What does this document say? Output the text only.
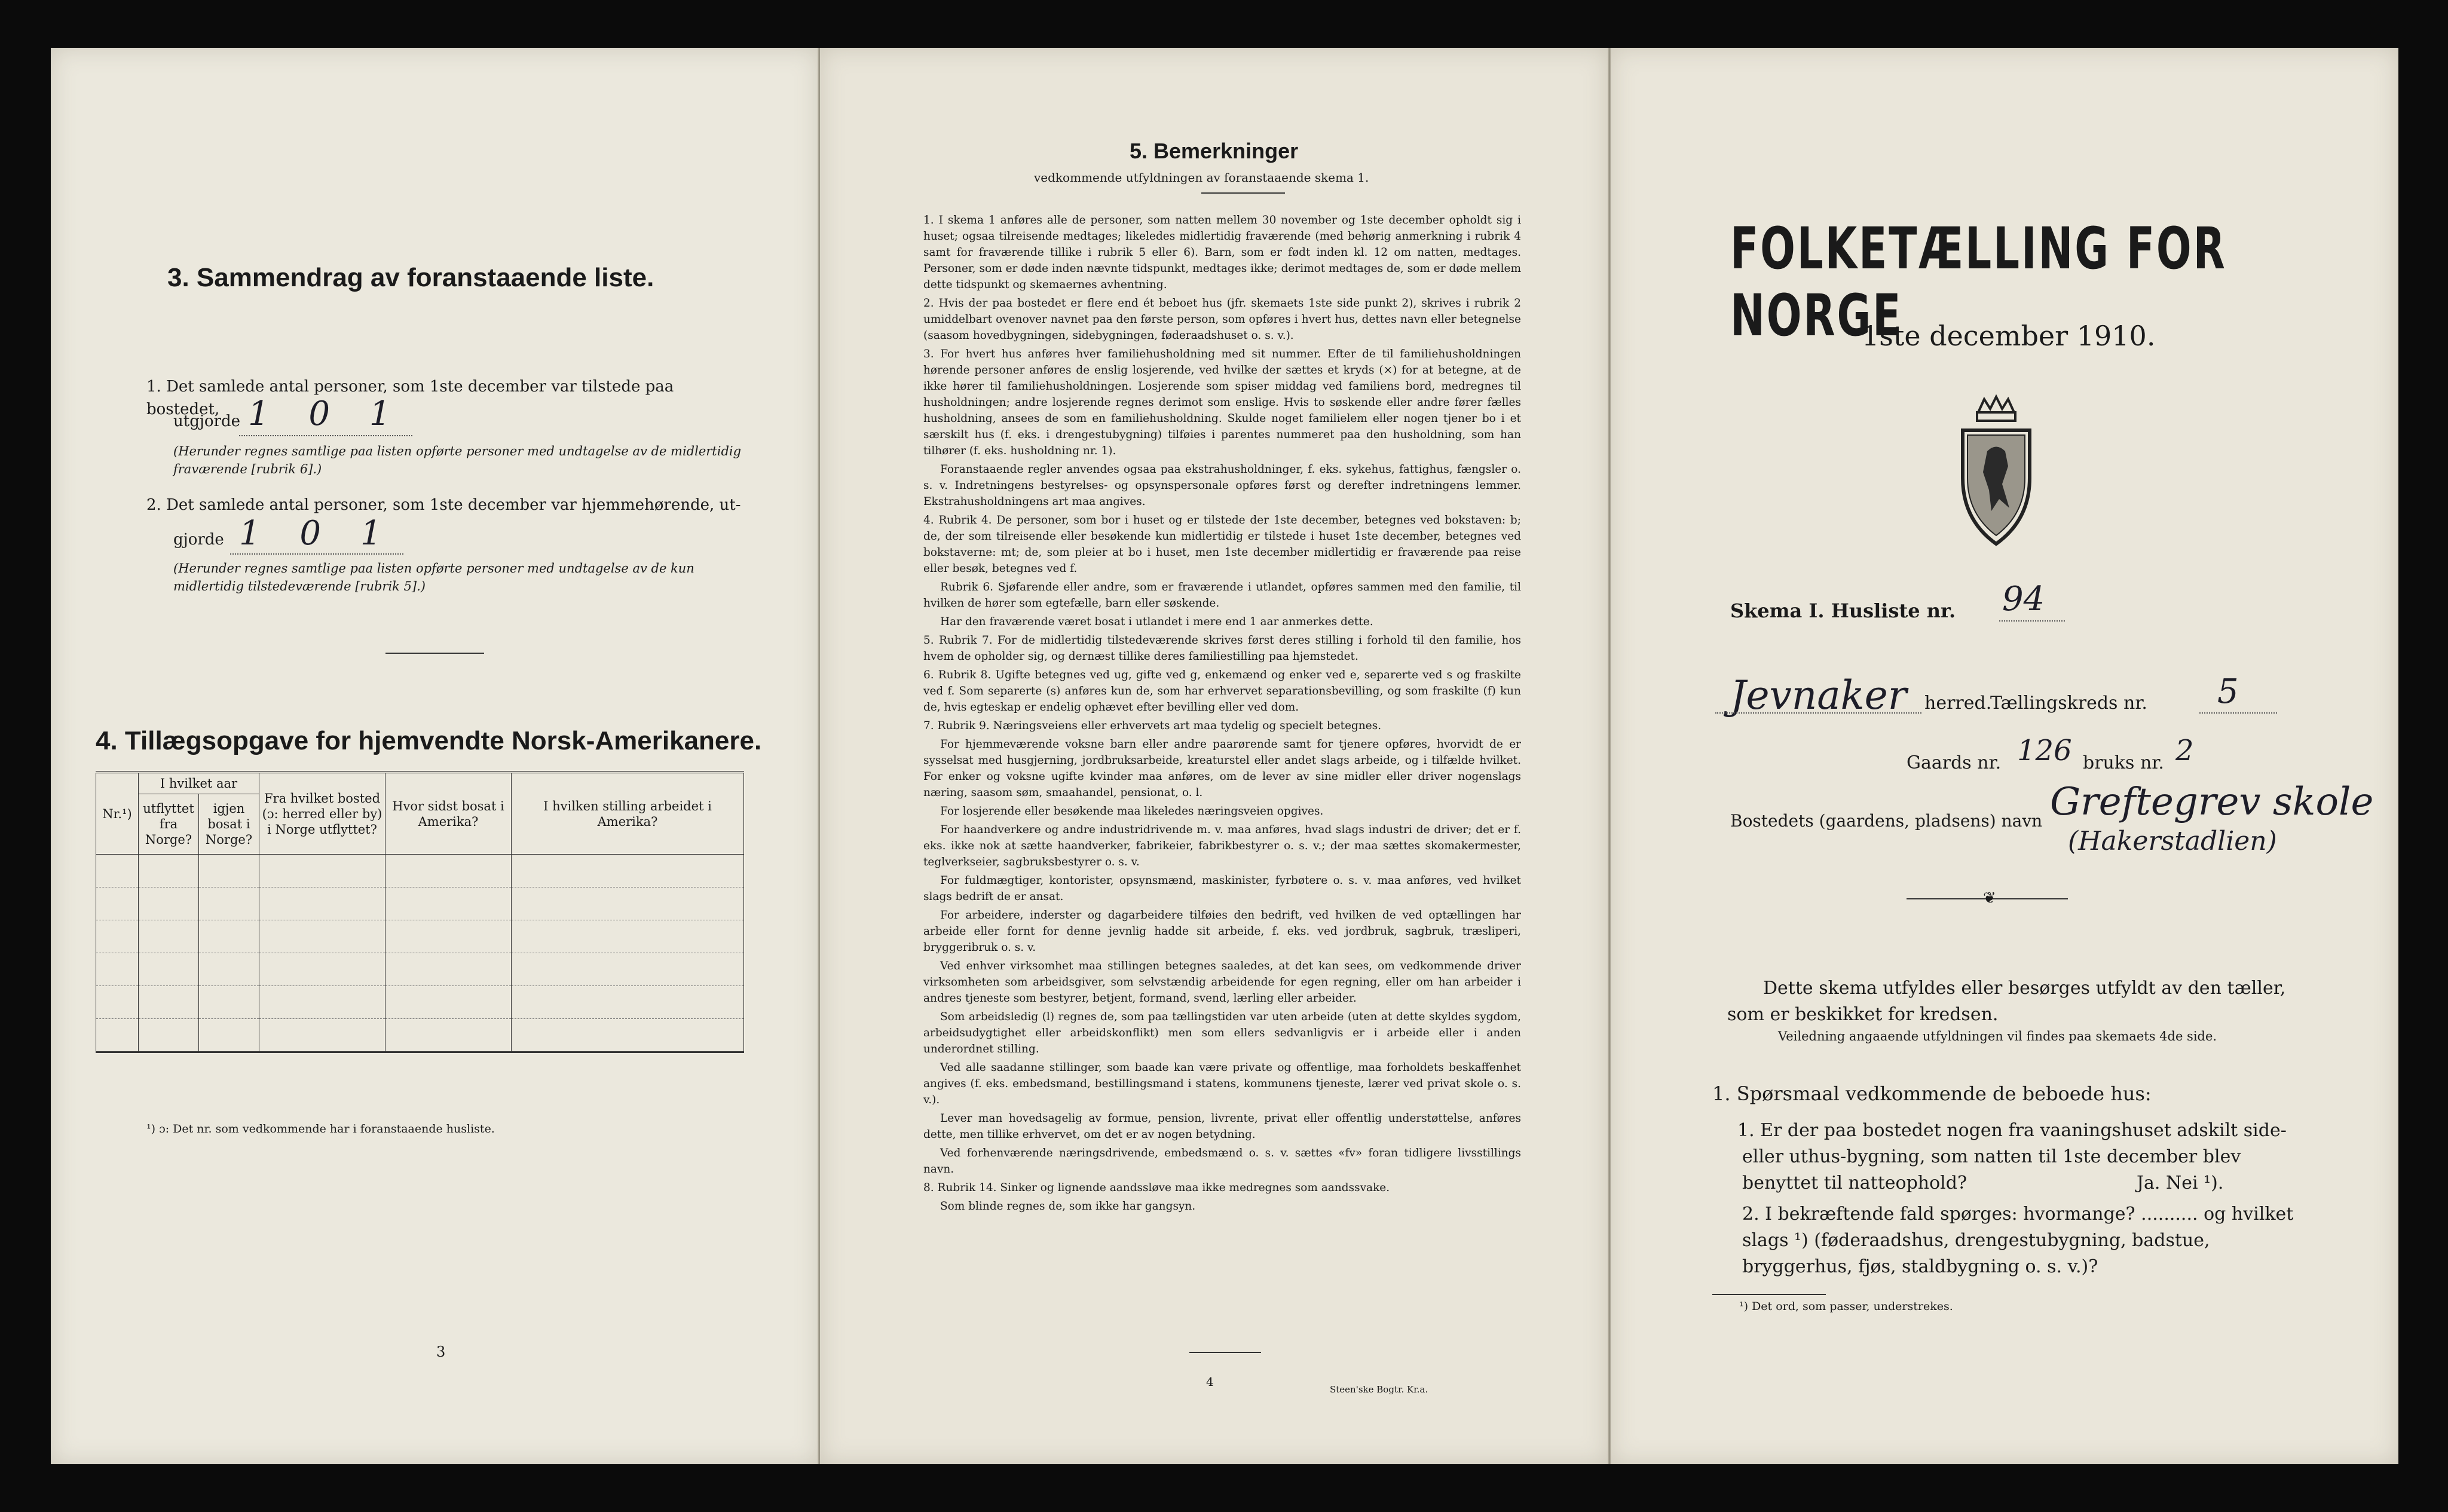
3. Sammendrag av foranstaaende liste.
1. Det samlede antal personer, som 1ste december var tilstede paa bostedet,
utgjorde 1 0 1
(Herunder regnes samtlige paa listen opførte personer med undtagelse av de midlertidig fraværende [rubrik 6].)
2. Det samlede antal personer, som 1ste december var hjemmehørende, ut-
gjorde 1 0 1
(Herunder regnes samtlige paa listen opførte personer med undtagelse av de kun midlertidig tilstedeværende [rubrik 5].)
4. Tillægsopgave for hjemvendte Norsk-Amerikanere.
Nr.¹)	I hvilket aar		Fra hvilket bosted (ɔ: herred eller by) i Norge utflyttet?	Hvor sidst bosat i Amerika?	I hvilken stilling arbeidet i Amerika?
	utflyttet fra Norge?	igjen bosat i Norge?			

¹) ɔ: Det nr. som vedkommende har i foranstaaende husliste.
3
5. Bemerkninger
vedkommende utfyldningen av foranstaaende skema 1.

1. I skema 1 anføres alle de personer, som natten mellem 30 november og 1ste december opholdt sig i huset; ogsaa tilreisende medtages; likeledes midlertidig fraværende (med behørig anmerkning i rubrik 4 samt for fraværende tillike i rubrik 5 eller 6). Barn, som er født inden kl. 12 om natten, medtages. Personer, som er døde inden nævnte tidspunkt, medtages ikke; derimot medtages de, som er døde mellem dette tidspunkt og skemaernes avhentning.

2. Hvis der paa bostedet er flere end ét beboet hus (jfr. skemaets 1ste side punkt 2), skrives i rubrik 2 umiddelbart ovenover navnet paa den første person, som opføres i hvert hus, dettes navn eller betegnelse (saasom hovedbygningen, sidebygningen, føderaadshuset o. s. v.).

3. For hvert hus anføres hver familiehusholdning med sit nummer. Efter de til familiehusholdningen hørende personer anføres de enslig losjerende, ved hvilke der sættes et kryds (×) for at betegne, at de ikke hører til familiehusholdningen. Losjerende som spiser middag ved familiens bord, medregnes til husholdningen; andre losjerende regnes derimot som enslige. Hvis to søskende eller andre fører fælles husholdning, ansees de som en familiehusholdning. Skulde noget familielem eller nogen tjener bo i et særskilt hus (f. eks. i drengestubygning) tilføies i parentes nummeret paa den husholdning, som han tilhører (f. eks. husholdning nr. 1).

Foranstaaende regler anvendes ogsaa paa ekstrahusholdninger, f. eks. sykehus, fattighus, fængsler o. s. v. Indretningens bestyrelses- og opsynspersonale opføres først og derefter indretningens lemmer. Ekstrahusholdningens art maa angives.

4. Rubrik 4. De personer, som bor i huset og er tilstede der 1ste december, betegnes ved bokstaven: b; de, der som tilreisende eller besøkende kun midlertidig er tilstede i huset 1ste december, betegnes ved bokstaverne: mt; de, som pleier at bo i huset, men 1ste december midlertidig er fraværende paa reise eller besøk, betegnes ved f.

Rubrik 6. Sjøfarende eller andre, som er fraværende i utlandet, opføres sammen med den familie, til hvilken de hører som egtefælle, barn eller søskende.

Har den fraværende været bosat i utlandet i mere end 1 aar anmerkes dette.

5. Rubrik 7. For de midlertidig tilstedeværende skrives først deres stilling i forhold til den familie, hos hvem de opholder sig, og dernæst tillike deres familiestilling paa hjemstedet.

6. Rubrik 8. Ugifte betegnes ved ug, gifte ved g, enkemænd og enker ved e, separerte ved s og fraskilte ved f. Som separerte (s) anføres kun de, som har erhvervet separationsbevilling, og som fraskilte (f) kun de, hvis egteskap er endelig ophævet efter bevilling eller ved dom.

7. Rubrik 9. Næringsveiens eller erhvervets art maa tydelig og specielt betegnes.

For hjemmeværende voksne barn eller andre paarørende samt for tjenere opføres, hvorvidt de er sysselsat med husgjerning, jordbruksarbeide, kreaturstel eller andet slags arbeide, og i tilfælde hvilket. For enker og voksne ugifte kvinder maa anføres, om de lever av sine midler eller driver nogenslags næring, saasom søm, smaahandel, pensionat, o. l.

For losjerende eller besøkende maa likeledes næringsveien opgives.

For haandverkere og andre industridrivende m. v. maa anføres, hvad slags industri de driver; det er f. eks. ikke nok at sætte haandverker, fabrikeier, fabrikbestyrer o. s. v.; der maa sættes skomakermester, teglverkseier, sagbruksbestyrer o. s. v.

For fuldmægtiger, kontorister, opsynsmænd, maskinister, fyrbøtere o. s. v. maa anføres, ved hvilket slags bedrift de er ansat.

For arbeidere, inderster og dagarbeidere tilføies den bedrift, ved hvilken de ved optællingen har arbeide eller fornt for denne jevnlig hadde sit arbeide, f. eks. ved jordbruk, sagbruk, træsliperi, bryggeribruk o. s. v.

Ved enhver virksomhet maa stillingen betegnes saaledes, at det kan sees, om vedkommende driver virksomheten som arbeidsgiver, som selvstændig arbeidende for egen regning, eller om han arbeider i andres tjeneste som bestyrer, betjent, formand, svend, lærling eller arbeider.

Som arbeidsledig (l) regnes de, som paa tællingstiden var uten arbeide (uten at dette skyldes sygdom, arbeidsudygtighet eller arbeidskonflikt) men som ellers sedvanligvis er i arbeide eller i anden underordnet stilling.

Ved alle saadanne stillinger, som baade kan være private og offentlige, maa forholdets beskaffenhet angives (f. eks. embedsmand, bestillingsmand i statens, kommunens tjeneste, lærer ved privat skole o. s. v.).

Lever man hovedsagelig av formue, pension, livrente, privat eller offentlig understøttelse, anføres dette, men tillike erhvervet, om det er av nogen betydning.

Ved forhenværende næringsdrivende, embedsmænd o. s. v. sættes «fv» foran tidligere livsstillings navn.

8. Rubrik 14. Sinker og lignende aandssløve maa ikke medregnes som aandssvake.

Som blinde regnes de, som ikke har gangsyn.

4
Steen'ske Bogtr. Kr.a.
FOLKETÆLLING FOR NORGE
1ste december 1910.
Skema I. Husliste nr. 94
Jevnaker herred.
Tællingskreds nr. 5
Gaards nr. 126 bruks nr. 2
Bostedets (gaardens, pladsens) navn Greftegrev skole
(Hakerstadlien)
❦
Dette skema utfyldes eller besørges utfyldt av den tæller, som er beskikket for kredsen.
Veiledning angaaende utfyldningen vil findes paa skemaets 4de side.
1. Spørsmaal vedkommende de beboede hus:
1. Er der paa bostedet nogen fra vaaningshuset adskilt side- eller uthus-bygning, som natten til 1ste december blev benyttet til natteophold?	Ja. Nei ¹).
2. I bekræftende fald spørges: hvormange? .......... og hvilket slags ¹) (føderaadshus, drengestubygning, badstue, bryggerhus, fjøs, staldbygning o. s. v.)?
¹) Det ord, som passer, understrekes.
